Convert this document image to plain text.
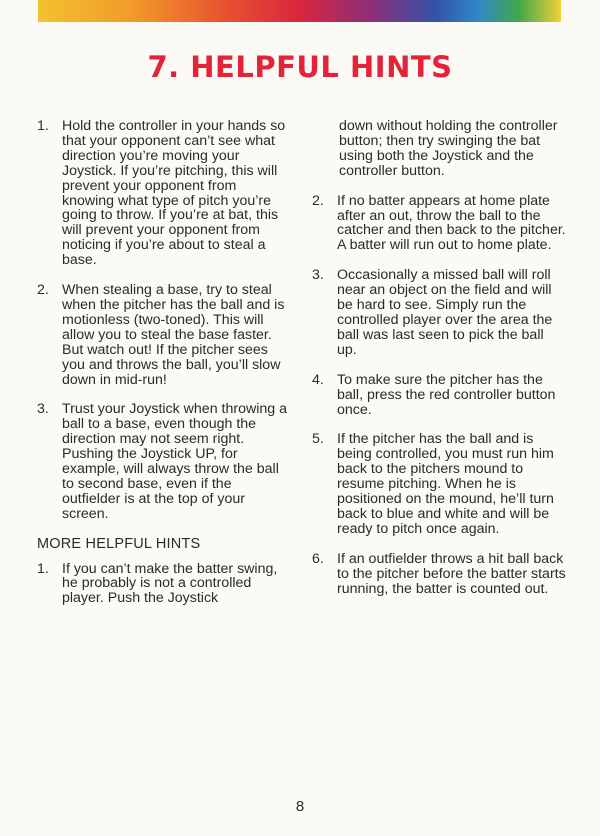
7. HELPFUL HINTS
1. Hold the controller in your hands so that your opponent can’t see what direction you’re moving your Joystick. If you’re pitching, this will prevent your opponent from knowing what type of pitch you’re going to throw. If you’re at bat, this will prevent your opponent from noticing if you’re about to steal a base.
2. When stealing a base, try to steal when the pitcher has the ball and is motionless (two-toned). This will allow you to steal the base faster. But watch out! If the pitcher sees you and throws the ball, you’ll slow down in mid-run!
3. Trust your Joystick when throwing a ball to a base, even though the direction may not seem right. Pushing the Joystick UP, for example, will always throw the ball to second base, even if the outfielder is at the top of your screen.
MORE HELPFUL HINTS
1. If you can’t make the batter swing, he probably is not a controlled player. Push the Joystick
down without holding the controller button; then try swinging the bat using both the Joystick and the controller button.
2. If no batter appears at home plate after an out, throw the ball to the catcher and then back to the pitcher. A batter will run out to home plate.
3. Occasionally a missed ball will roll near an object on the field and will be hard to see. Simply run the controlled player over the area the ball was last seen to pick the ball up.
4. To make sure the pitcher has the ball, press the red controller button once.
5. If the pitcher has the ball and is being controlled, you must run him back to the pitchers mound to resume pitching. When he is positioned on the mound, he’ll turn back to blue and white and will be ready to pitch once again.
6. If an outfielder throws a hit ball back to the pitcher before the batter starts running, the batter is counted out.
8
